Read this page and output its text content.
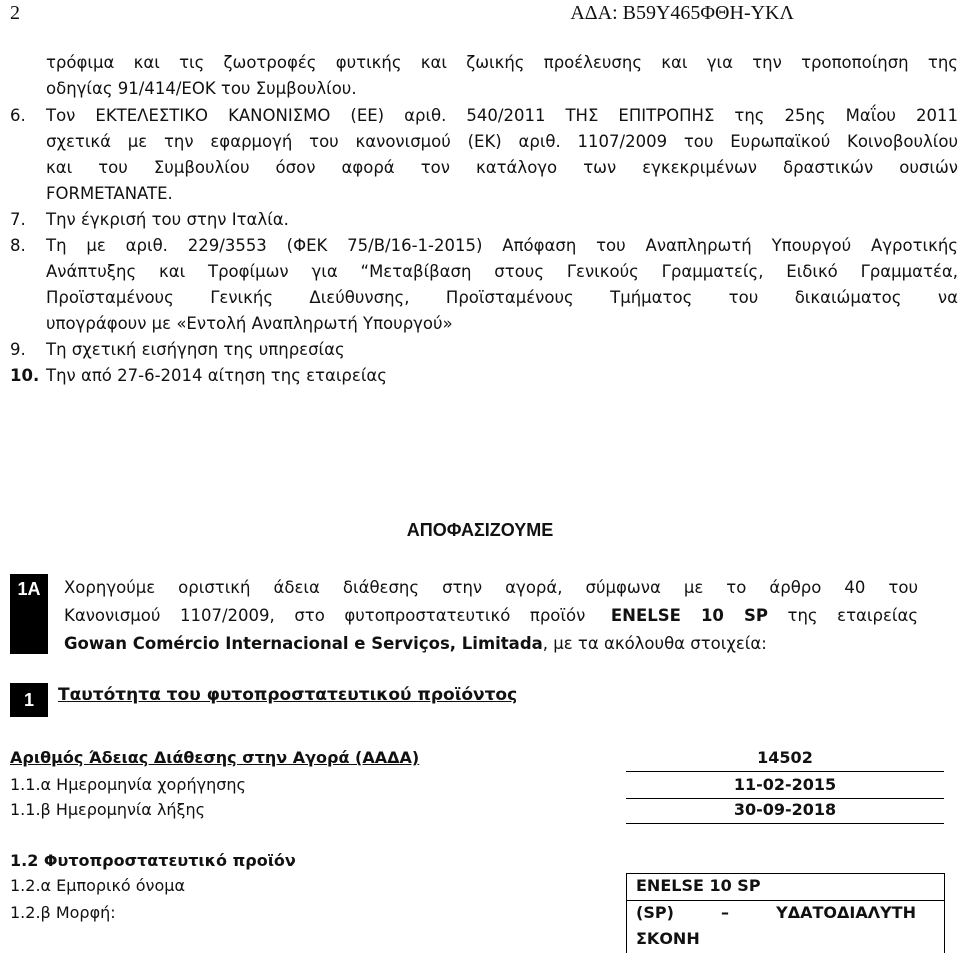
2	ΑΔΑ: Β59Υ465ΦΘΗ-ΥΚΛ
τρόφιμα και τις ζωοτροφές φυτικής και ζωικής προέλευσης και για την τροποποίηση της
οδηγίας 91/414/ΕΟΚ του Συμβουλίου.
6. Τον ΕΚΤΕΛΕΣΤΙΚΟ ΚΑΝΟΝΙΣΜΟ (ΕΕ) αριθ. 540/2011 ΤΗΣ ΕΠΙΤΡΟΠΗΣ της 25ης Μαΐου 2011
σχετικά με την εφαρμογή του κανονισμού (ΕΚ) αριθ. 1107/2009 του Ευρωπαϊκού Κοινοβουλίου
και του Συμβουλίου όσον αφορά τον κατάλογο των εγκεκριμένων δραστικών ουσιών
FORMETANATE.
7. Την έγκρισή του στην Ιταλία.
8. Τη με αριθ. 229/3553 (ΦΕΚ 75/Β/16-1-2015) Απόφαση του Αναπληρωτή Υπουργού Αγροτικής
Ανάπτυξης και Τροφίμων για “Μεταβίβαση στους Γενικούς Γραμματείς, Ειδικό Γραμματέα,
Προϊσταμένους Γενικής Διεύθυνσης, Προϊσταμένους Τμήματος του δικαιώματος να
υπογράφουν με «Εντολή Αναπληρωτή Υπουργού»
9. Τη σχετική εισήγηση της υπηρεσίας
10. Την από 27-6-2014 αίτηση της εταιρείας
ΑΠΟΦΑΣΙΖΟΥΜΕ
1Α	Χορηγούμε οριστική άδεια διάθεσης στην αγορά, σύμφωνα με το άρθρο 40 του
Κανονισμού 1107/2009, στο φυτοπροστατευτικό προϊόν ENELSE 10 SP της εταιρείας
Gowan Comércio Internacional e Serviços, Limitada, με τα ακόλουθα στοιχεία:
1	Ταυτότητα του φυτοπροστατευτικού προϊόντος
Αριθμός Άδειας Διάθεσης στην Αγορά (ΑΑΔΑ)	14502
1.1.α Ημερομηνία χορήγησης	11-02-2015
1.1.β Ημερομηνία λήξης	30-09-2018
1.2 Φυτοπροστατευτικό προϊόν
1.2.α Εμπορικό όνομα	ENELSE 10 SP
1.2.β Μορφή:	(SP)	–	ΥΔΑΤΟΔΙΑΛΥΤΗ
ΣΚΟΝΗ
